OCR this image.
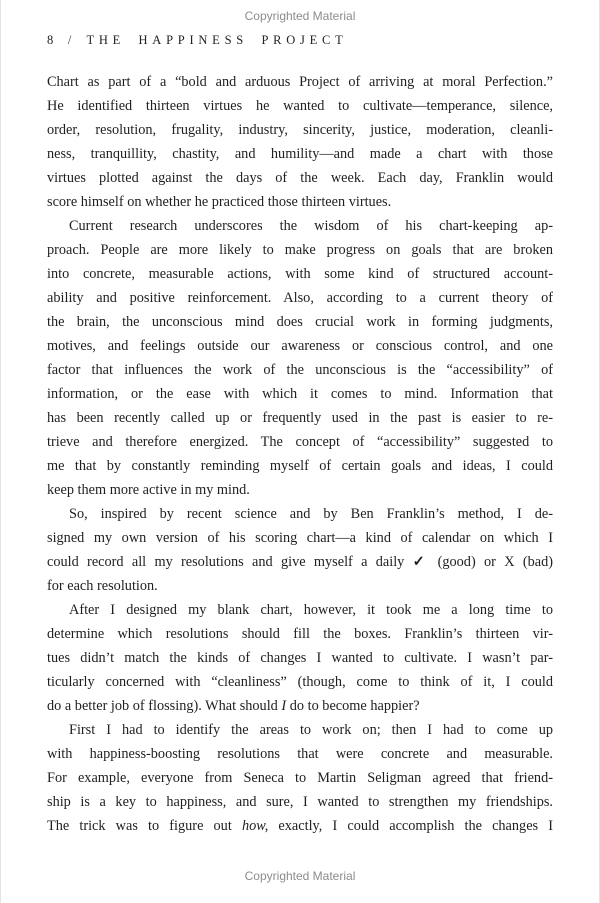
Copyrighted Material
8 / THE HAPPINESS PROJECT
Chart as part of a “bold and arduous Project of arriving at moral Perfection.”
He identified thirteen virtues he wanted to cultivate—temperance, silence,
order, resolution, frugality, industry, sincerity, justice, moderation, cleanli-
ness, tranquillity, chastity, and humility—and made a chart with those
virtues plotted against the days of the week. Each day, Franklin would
score himself on whether he practiced those thirteen virtues.
Current research underscores the wisdom of his chart-keeping ap-
proach. People are more likely to make progress on goals that are broken
into concrete, measurable actions, with some kind of structured account-
ability and positive reinforcement. Also, according to a current theory of
the brain, the unconscious mind does crucial work in forming judgments,
motives, and feelings outside our awareness or conscious control, and one
factor that influences the work of the unconscious is the “accessibility” of
information, or the ease with which it comes to mind. Information that
has been recently called up or frequently used in the past is easier to re-
trieve and therefore energized. The concept of “accessibility” suggested to
me that by constantly reminding myself of certain goals and ideas, I could
keep them more active in my mind.
So, inspired by recent science and by Ben Franklin’s method, I de-
signed my own version of his scoring chart—a kind of calendar on which I
could record all my resolutions and give myself a daily ✓ (good) or X (bad)
for each resolution.
After I designed my blank chart, however, it took me a long time to
determine which resolutions should fill the boxes. Franklin’s thirteen vir-
tues didn’t match the kinds of changes I wanted to cultivate. I wasn’t par-
ticularly concerned with “cleanliness” (though, come to think of it, I could
do a better job of flossing). What should I do to become happier?
First I had to identify the areas to work on; then I had to come up
with happiness-boosting resolutions that were concrete and measurable.
For example, everyone from Seneca to Martin Seligman agreed that friend-
ship is a key to happiness, and sure, I wanted to strengthen my friendships.
The trick was to figure out how, exactly, I could accomplish the changes I
Copyrighted Material
